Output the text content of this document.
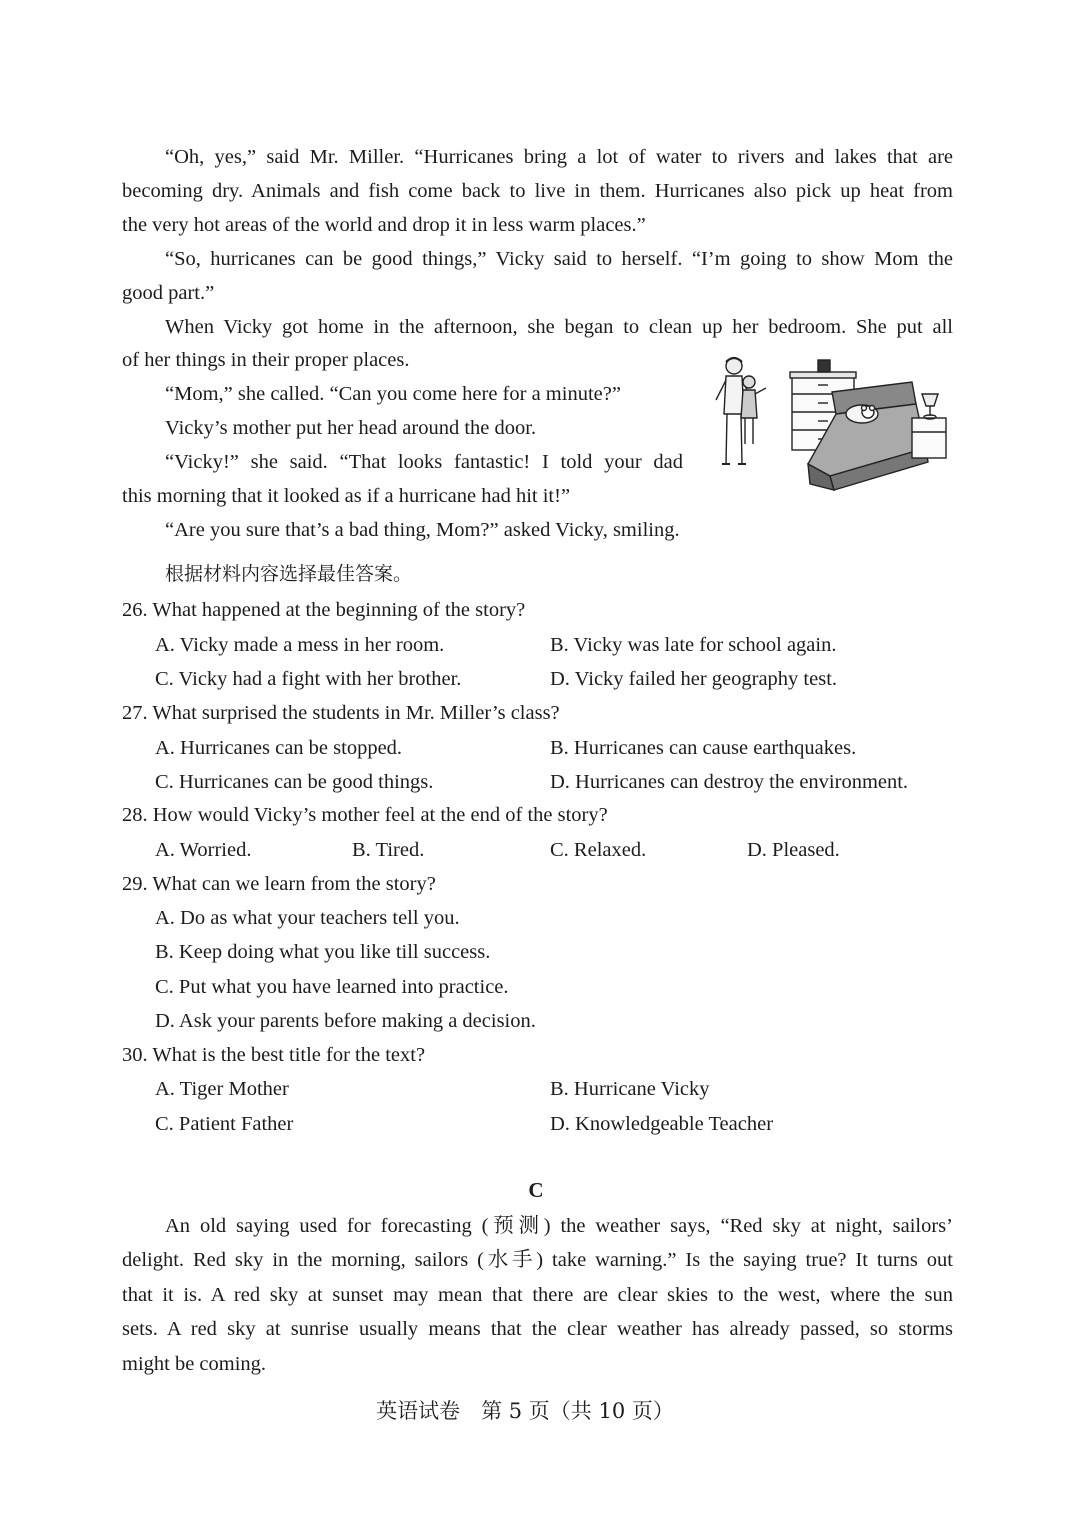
“Oh, yes,” said Mr. Miller. “Hurricanes bring a lot of water to rivers and lakes that are
becoming dry. Animals and fish come back to live in them. Hurricanes also pick up heat from
the very hot areas of the world and drop it in less warm places.”
“So, hurricanes can be good things,” Vicky said to herself. “I’m going to show Mom the
good part.”
When Vicky got home in the afternoon, she began to clean up her bedroom. She put all
of her things in their proper places.
“Mom,” she called. “Can you come here for a minute?”
Vicky’s mother put her head around the door.
“Vicky!” she said. “That looks fantastic! I told your dad
this morning that it looked as if a hurricane had hit it!”
“Are you sure that’s a bad thing, Mom?” asked Vicky, smiling.
根据材料内容选择最佳答案。
26. What happened at the beginning of the story?
A. Vicky made a mess in her room.	B. Vicky was late for school again.
C. Vicky had a fight with her brother.	D. Vicky failed her geography test.
27. What surprised the students in Mr. Miller’s class?
A. Hurricanes can be stopped.	B. Hurricanes can cause earthquakes.
C. Hurricanes can be good things.	D. Hurricanes can destroy the environment.
28. How would Vicky’s mother feel at the end of the story?
A. Worried.	B. Tired.	C. Relaxed.	D. Pleased.
29. What can we learn from the story?
A. Do as what your teachers tell you.
B. Keep doing what you like till success.
C. Put what you have learned into practice.
D. Ask your parents before making a decision.
30. What is the best title for the text?
A. Tiger Mother	B. Hurricane Vicky
C. Patient Father	D. Knowledgeable Teacher
C
An old saying used for forecasting (预测) the weather says, “Red sky at night, sailors’
delight. Red sky in the morning, sailors (水手) take warning.” Is the saying true? It turns out
that it is. A red sky at sunset may mean that there are clear skies to the west, where the sun
sets. A red sky at sunrise usually means that the clear weather has already passed, so storms
might be coming.
英语试卷　第 5 页（共 10 页）
